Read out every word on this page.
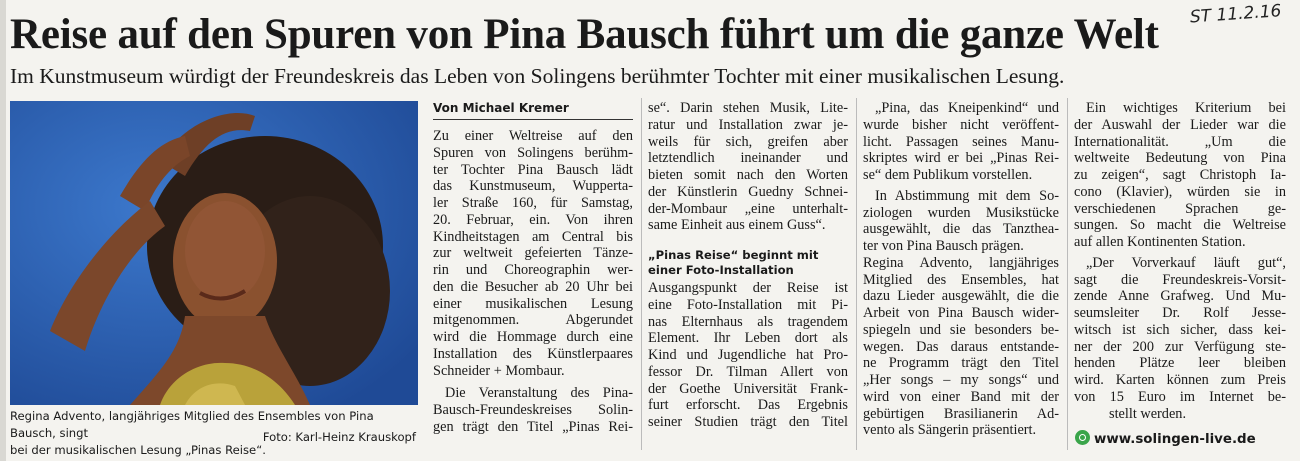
ST 11.2.16
Reise auf den Spuren von Pina Bausch führt um die ganze Welt
Im Kunstmuseum würdigt der Freundeskreis das Leben von Solingens berühmter Tochter mit einer musikalischen Lesung.
Regina Advento, langjähriges Mitglied des Ensembles von Pina Bausch, singt
bei der musikalischen Lesung „Pinas Reise“.
Foto: Karl-Heinz Krauskopf
Von Michael Kremer
Zu einer Weltreise auf den
Spuren von Solingens berühm-
ter Tochter Pina Bausch lädt
das Kunstmuseum, Wupperta-
ler Straße 160, für Samstag,
20. Februar, ein. Von ihren
Kindheitstagen am Central bis
zur weltweit gefeierten Tänze-
rin und Choreographin wer-
den die Besucher ab 20 Uhr bei
einer musikalischen Lesung
mitgenommen. Abgerundet
wird die Hommage durch eine
Installation des Künstlerpaares
Schneider + Mombaur.
Die Veranstaltung des Pina-
Bausch-Freundeskreises Solin-
gen trägt den Titel „Pinas Rei-
se“. Darin stehen Musik, Lite-
ratur und Installation zwar je-
weils für sich, greifen aber
letztendlich ineinander und
bieten somit nach den Worten
der Künstlerin Guedny Schnei-
der-Mombaur „eine unterhalt-
same Einheit aus einem Guss“.
„Pinas Reise“ beginnt mit
einer Foto-Installation
Ausgangspunkt der Reise ist
eine Foto-Installation mit Pi-
nas Elternhaus als tragendem
Element. Ihr Leben dort als
Kind und Jugendliche hat Pro-
fessor Dr. Tilman Allert von
der Goethe Universität Frank-
furt erforscht. Das Ergebnis
seiner Studien trägt den Titel
„Pina, das Kneipenkind“ und
wurde bisher nicht veröffent-
licht. Passagen seines Manu-
skriptes wird er bei „Pinas Rei-
se“ dem Publikum vorstellen.
In Abstimmung mit dem So-
ziologen wurden Musikstücke
ausgewählt, die das Tanzthea-
ter von Pina Bausch prägen.
Regina Advento, langjähriges
Mitglied des Ensembles, hat
dazu Lieder ausgewählt, die die
Arbeit von Pina Bausch wider-
spiegeln und sie besonders be-
wegen. Das daraus entstande-
ne Programm trägt den Titel
„Her songs – my songs“ und
wird von einer Band mit der
gebürtigen Brasilianerin Ad-
vento als Sängerin präsentiert.
Ein wichtiges Kriterium bei
der Auswahl der Lieder war die
Internationalität. „Um die
weltweite Bedeutung von Pina
zu zeigen“, sagt Christoph Ia-
cono (Klavier), würden sie in
verschiedenen Sprachen ge-
sungen. So macht die Weltreise
auf allen Kontinenten Station.
„Der Vorverkauf läuft gut“,
sagt die Freundeskreis-Vorsit-
zende Anne Grafweg. Und Mu-
seumsleiter Dr. Rolf Jesse-
witsch ist sich sicher, dass kei-
ner der 200 zur Verfügung ste-
henden Plätze leer bleiben
wird. Karten können zum Preis
von 15 Euro im Internet be-
stellt werden.
www.solingen-live.de
